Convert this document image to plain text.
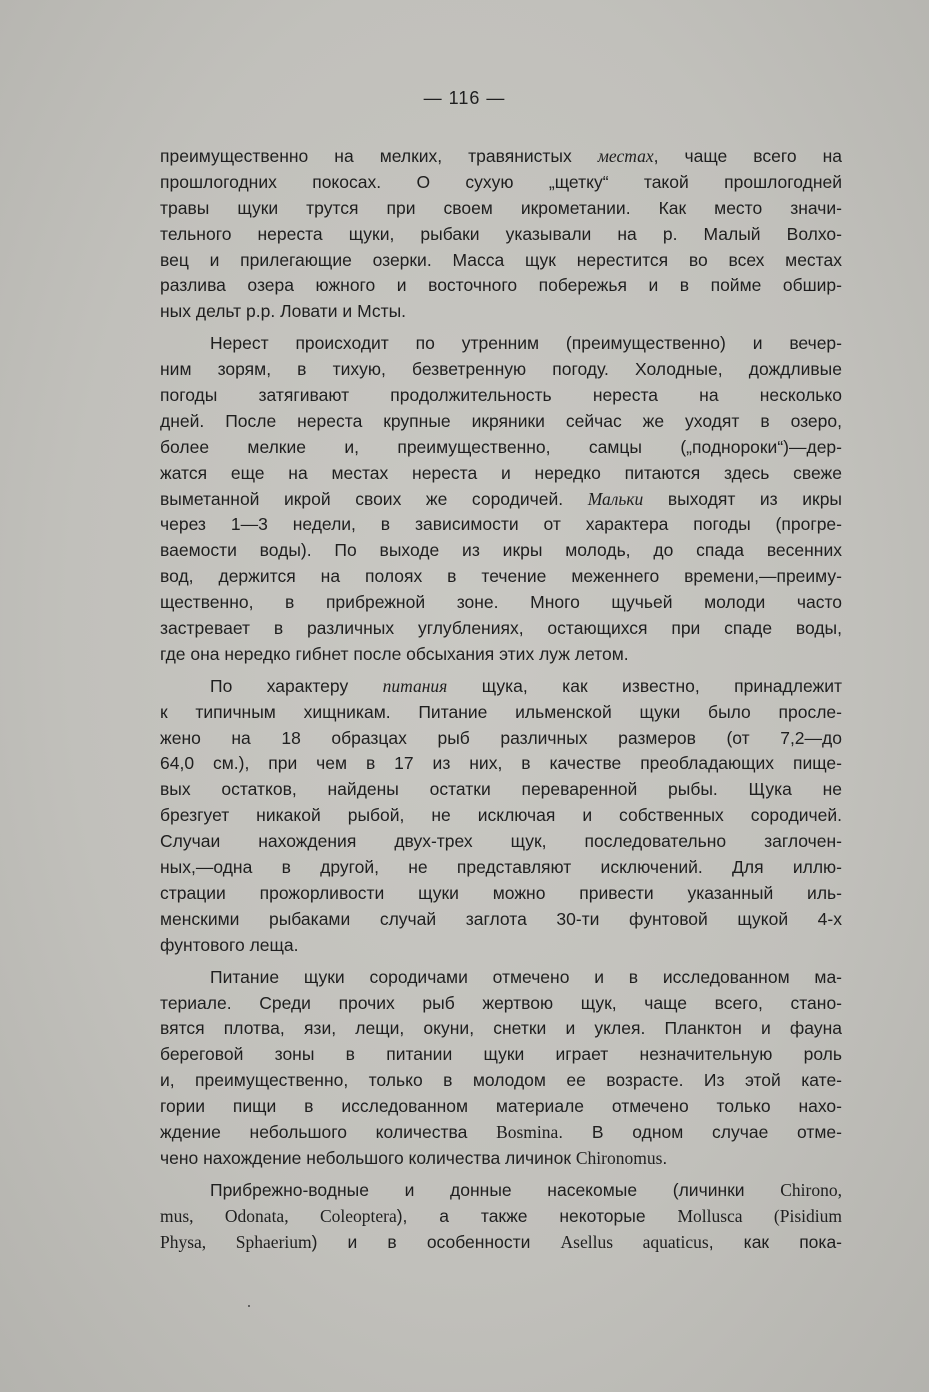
— 116 —
преимущественно на мелких, травянистых местах, чаще всего на
прошлогодних покосах. О сухую „щетку“ такой прошлогодней
травы щуки трутся при своем икрометании. Как место значи-
тельного нереста щуки, рыбаки указывали на р. Малый Волхо-
вец и прилегающие озерки. Масса щук нерестится во всех местах
разлива озера южного и восточного побережья и в пойме обшир-
ных дельт р.р. Ловати и Мсты.
Нерест происходит по утренним (преимущественно) и вечер-
ним зорям, в тихую, безветренную погоду. Холодные, дождливые
погоды затягивают продолжительность нереста на несколько
дней. После нереста крупные икряники сейчас же уходят в озеро,
более мелкие и, преимущественно, самцы („поднороки“)—дер-
жатся еще на местах нереста и нередко питаются здесь свеже
выметанной икрой своих же сородичей. Мальки выходят из икры
через 1—3 недели, в зависимости от характера погоды (прогре-
ваемости воды). По выходе из икры молодь, до спада весенних
вод, держится на полоях в течение меженнего времени,—преиму-
щественно, в прибрежной зоне. Много щучьей молоди часто
застревает в различных углублениях, остающихся при спаде воды,
где она нередко гибнет после обсыхания этих луж летом.
По характеру питания щука, как известно, принадлежит
к типичным хищникам. Питание ильменской щуки было просле-
жено на 18 образцах рыб различных размеров (от 7,2—до
64,0 см.), при чем в 17 из них, в качестве преобладающих пище-
вых остатков, найдены остатки переваренной рыбы. Щука не
брезгует никакой рыбой, не исключая и собственных сородичей.
Случаи нахождения двух-трех щук, последовательно заглочен-
ных,—одна в другой, не представляют исключений. Для иллю-
страции прожорливости щуки можно привести указанный иль-
менскими рыбаками случай заглота 30-ти фунтовой щукой 4-х
фунтового леща.
Питание щуки сородичами отмечено и в исследованном ма-
териале. Среди прочих рыб жертвою щук, чаще всего, стано-
вятся плотва, язи, лещи, окуни, снетки и уклея. Планктон и фауна
береговой зоны в питании щуки играет незначительную роль
и, преимущественно, только в молодом ее возрасте. Из этой кате-
гории пищи в исследованном материале отмечено только нахо-
ждение небольшого количества Bosmina. В одном случае отме-
чено нахождение небольшого количества личинок Chironomus.
Прибрежно-водные и донные насекомые (личинки Chirono,
mus, Odonata, Coleoptera), а также некоторые Mollusca (Pisidium
Physa, Sphaerium) и в особенности Asellus aquaticus, как пока-
